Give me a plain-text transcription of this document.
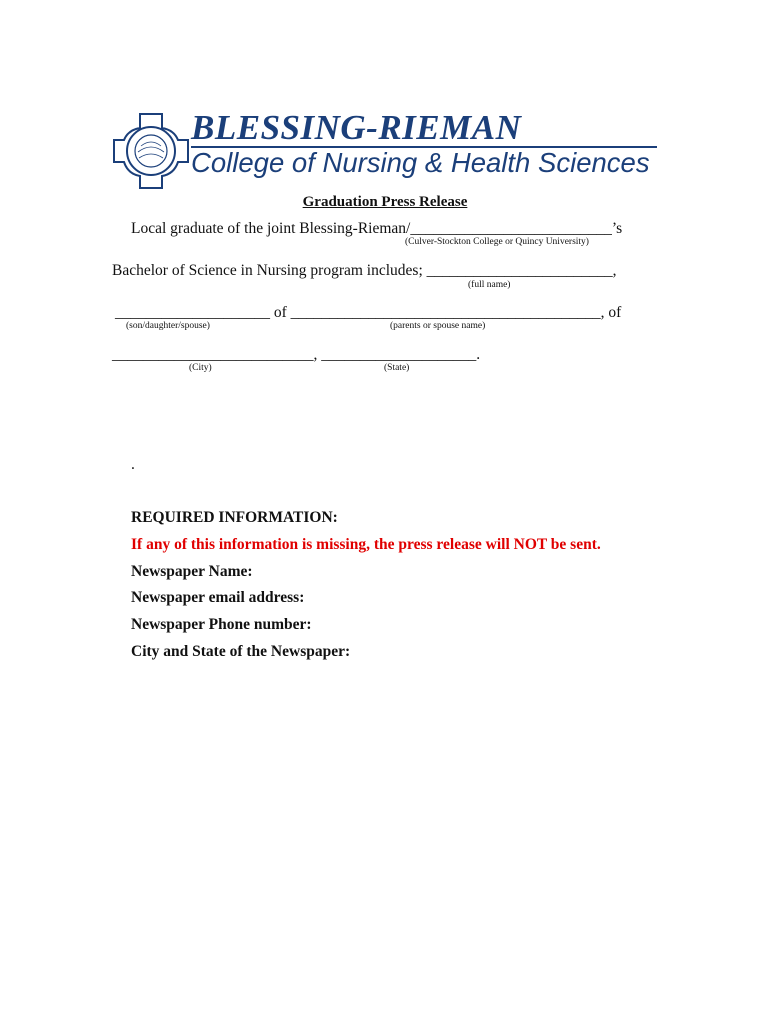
BLESSING-RIEMAN
College of Nursing & Health Sciences
Graduation Press Release
Local graduate of the joint Blessing-Rieman/__________________________’s
(Culver-Stockton College or Quincy University)
Bachelor of Science in Nursing program includes; ________________________,
(full name)
____________________ of ________________________________________, of
(son/daughter/spouse)	(parents or spouse name)
__________________________, ____________________.
(City)	(State)
.
REQUIRED INFORMATION:
If any of this information is missing, the press release will NOT be sent.
Newspaper Name:
Newspaper email address:
Newspaper Phone number:
City and State of the Newspaper:
